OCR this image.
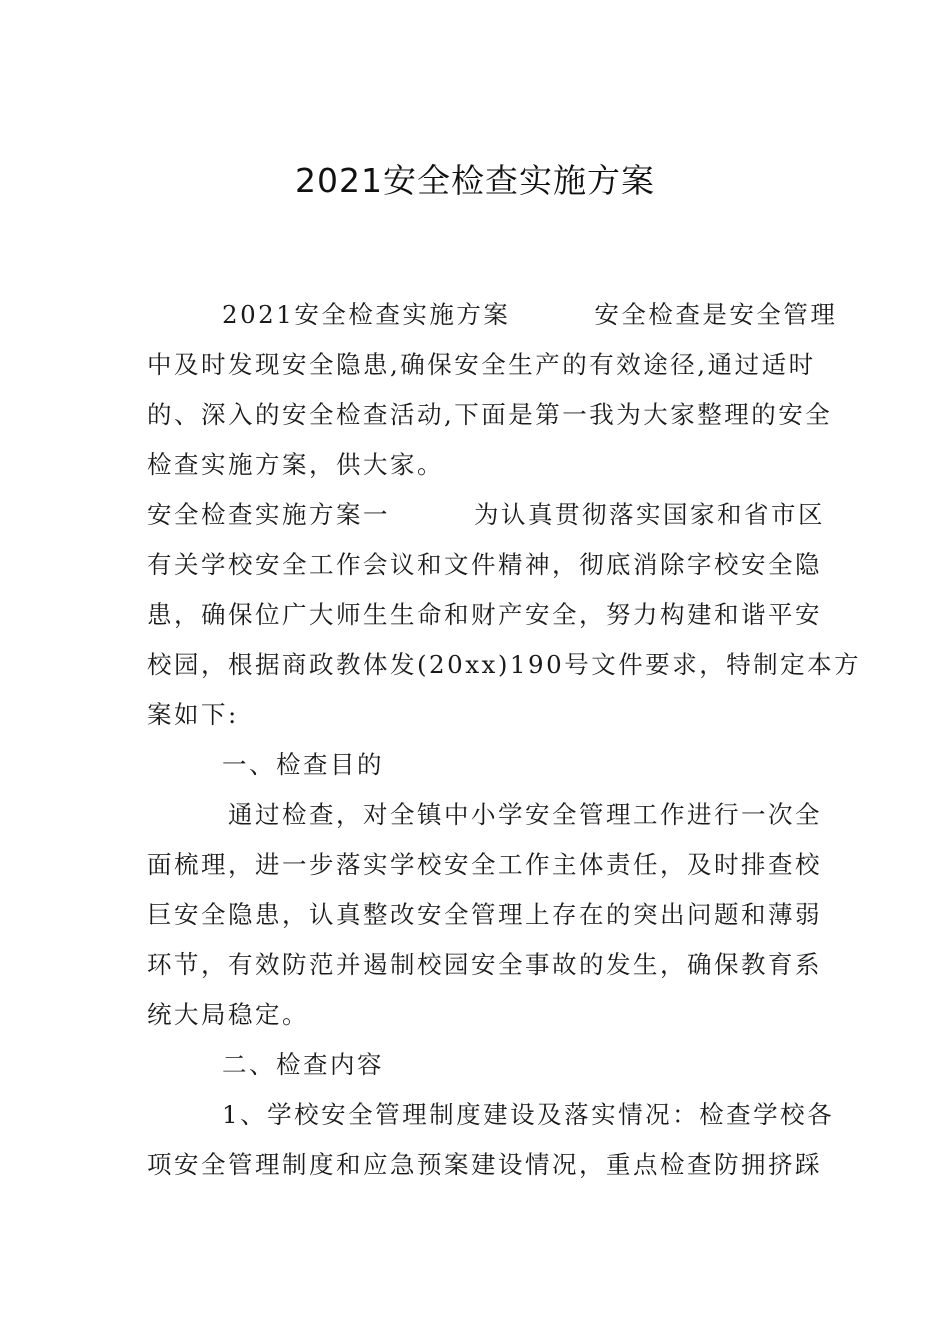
2021安全检查实施方案
2021安全检查实施方案	安全检查是安全管理
中及时发现安全隐患,确保安全生产的有效途径,通过适时
的、深入的安全检查活动,下面是第一我为大家整理的安全
检查实施方案，供大家。
安全检查实施方案一	为认真贯彻落实国家和省市区
有关学校安全工作会议和文件精神，彻底消除字校安全隐
患，确保位广大师生生命和财产安全，努力构建和谐平安
校园，根据商政教体发(20xx)190号文件要求，特制定本方
案如下:
一、检查目的
通过检查，对全镇中小学安全管理工作进行一次全
面梳理，进一步落实学校安全工作主体责任，及时排查校
巨安全隐患，认真整改安全管理上存在的突出问题和薄弱
环节，有效防范并遏制校园安全事故的发生，确保教育系
统大局稳定。
二、检查内容
1、学校安全管理制度建设及落实情况：检查学校各
项安全管理制度和应急预案建设情况，重点检查防拥挤踩
